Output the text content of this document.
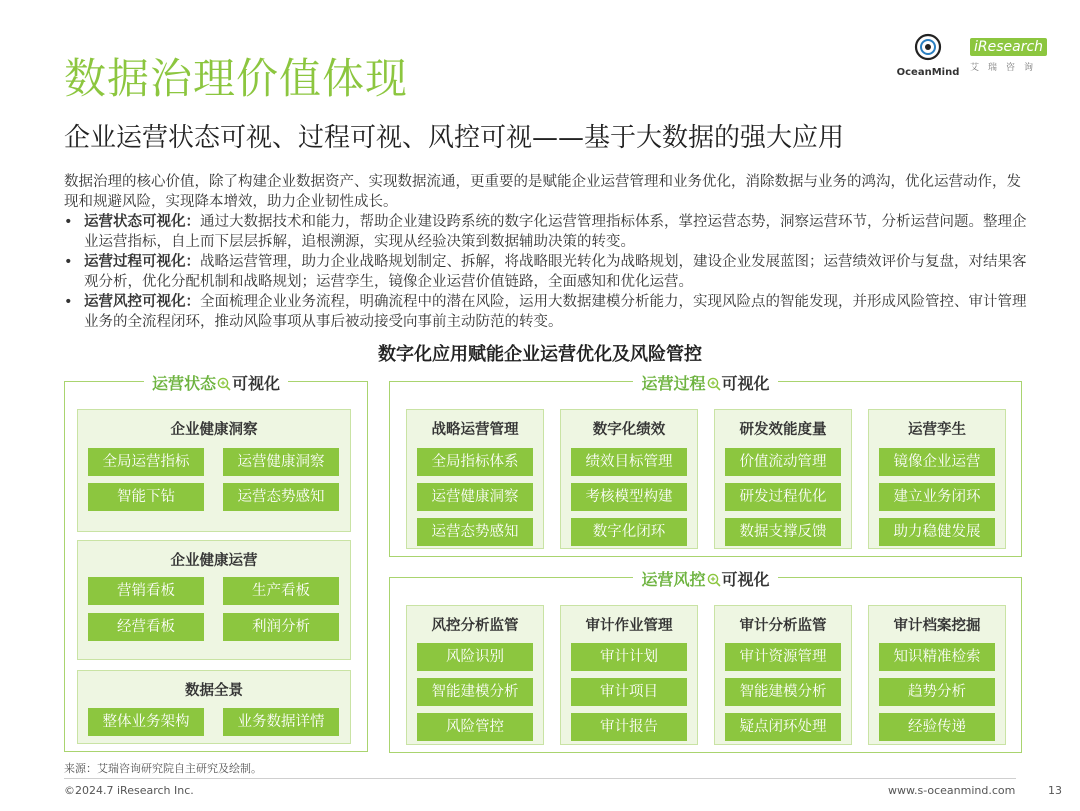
数据治理价值体现
企业运营状态可视、过程可视、风控可视——基于大数据的强大应用
OceanMind
iResearch
艾瑞咨询

数据治理的核心价值，除了构建企业数据资产、实现数据流通，更重要的是赋能企业运营管理和业务优化，消除数据与业务的鸿沟，优化运营动作，发现和规避风险，实现降本增效，助力企业韧性成长。

• 运营状态可视化：通过大数据技术和能力，帮助企业建设跨系统的数字化运营管理指标体系，掌控运营态势，洞察运营环节，分析运营问题。整理企业运营指标，自上而下层层拆解，追根溯源，实现从经验决策到数据辅助决策的转变。
• 运营过程可视化：战略运营管理，助力企业战略规划制定、拆解，将战略眼光转化为战略规划，建设企业发展蓝图；运营绩效评价与复盘，对结果客观分析，优化分配机制和战略规划；运营孪生，镜像企业运营价值链路，全面感知和优化运营。
• 运营风控可视化：全面梳理企业业务流程，明确流程中的潜在风险，运用大数据建模分析能力，实现风险点的智能发现，并形成风险管控、审计管理业务的全流程闭环，推动风险事项从事后被动接受向事前主动防范的转变。
数字化应用赋能企业运营优化及风险管控
运营状态 可视化
企业健康洞察
全局运营指标	运营健康洞察
智能下钻	运营态势感知
企业健康运营
营销看板	生产看板
经营看板	利润分析
数据全景
整体业务架构	业务数据详情
运营过程 可视化
战略运营管理
全局指标体系
运营健康洞察
运营态势感知
数字化绩效
绩效目标管理
考核模型构建
数字化闭环
研发效能度量
价值流动管理
研发过程优化
数据支撑反馈
运营孪生
镜像企业运营
建立业务闭环
助力稳健发展
运营风控 可视化
风控分析监管
风险识别
智能建模分析
风险管控
审计作业管理
审计计划
审计项目
审计报告
审计分析监管
审计资源管理
智能建模分析
疑点闭环处理
审计档案挖掘
知识精准检索
趋势分析
经验传递
来源：艾瑞咨询研究院自主研究及绘制。
©2024.7 iResearch Inc.	www.s-oceanmind.com	13
